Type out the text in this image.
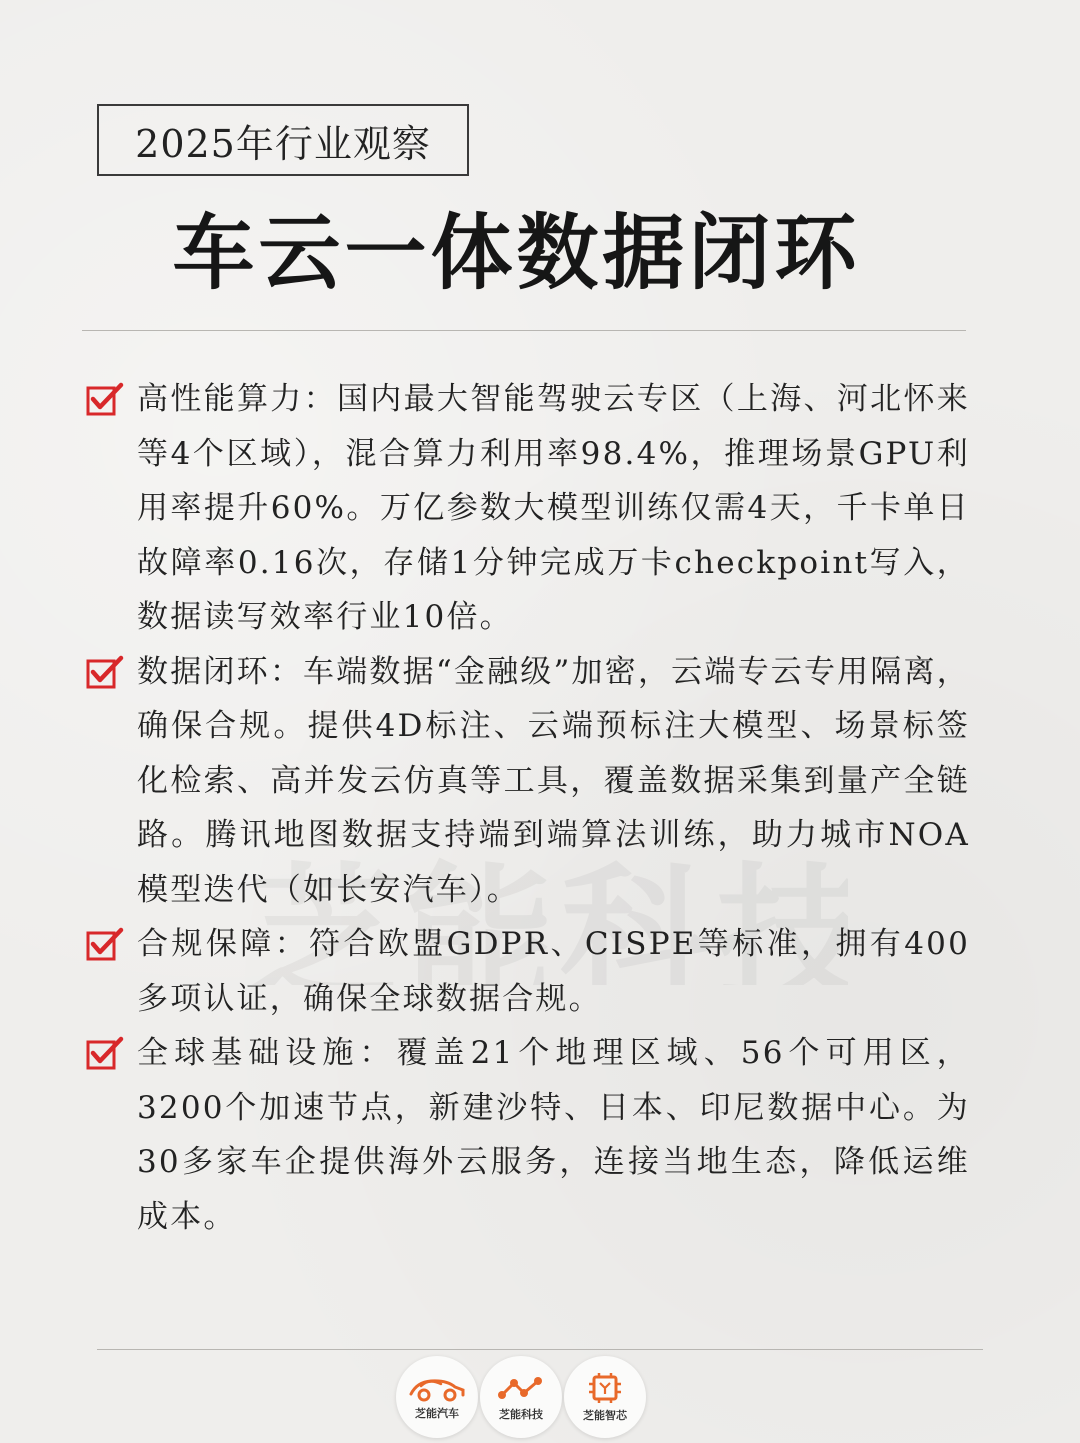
2025年行业观察
车云一体数据闭环
高性能算力：国内最大智能驾驶云专区（上海、河北怀来等4个区域），混合算力利用率98.4%，推理场景GPU利用率提升60%。万亿参数大模型训练仅需4天，千卡单日故障率0.16次，存储1分钟完成万卡checkpoint写入，数据读写效率行业10倍。
数据闭环：车端数据“金融级”加密，云端专云专用隔离，确保合规。提供4D标注、云端预标注大模型、场景标签化检索、高并发云仿真等工具，覆盖数据采集到量产全链路。腾讯地图数据支持端到端算法训练，助力城市NOA模型迭代（如长安汽车）。
合规保障：符合欧盟GDPR、CISPE等标准，拥有400多项认证，确保全球数据合规。
全球基础设施：覆盖21个地理区域、56个可用区，3200个加速节点，新建沙特、日本、印尼数据中心。为30多家车企提供海外云服务，连接当地生态，降低运维成本。
芝能汽车	芝能科技	芝能智芯
